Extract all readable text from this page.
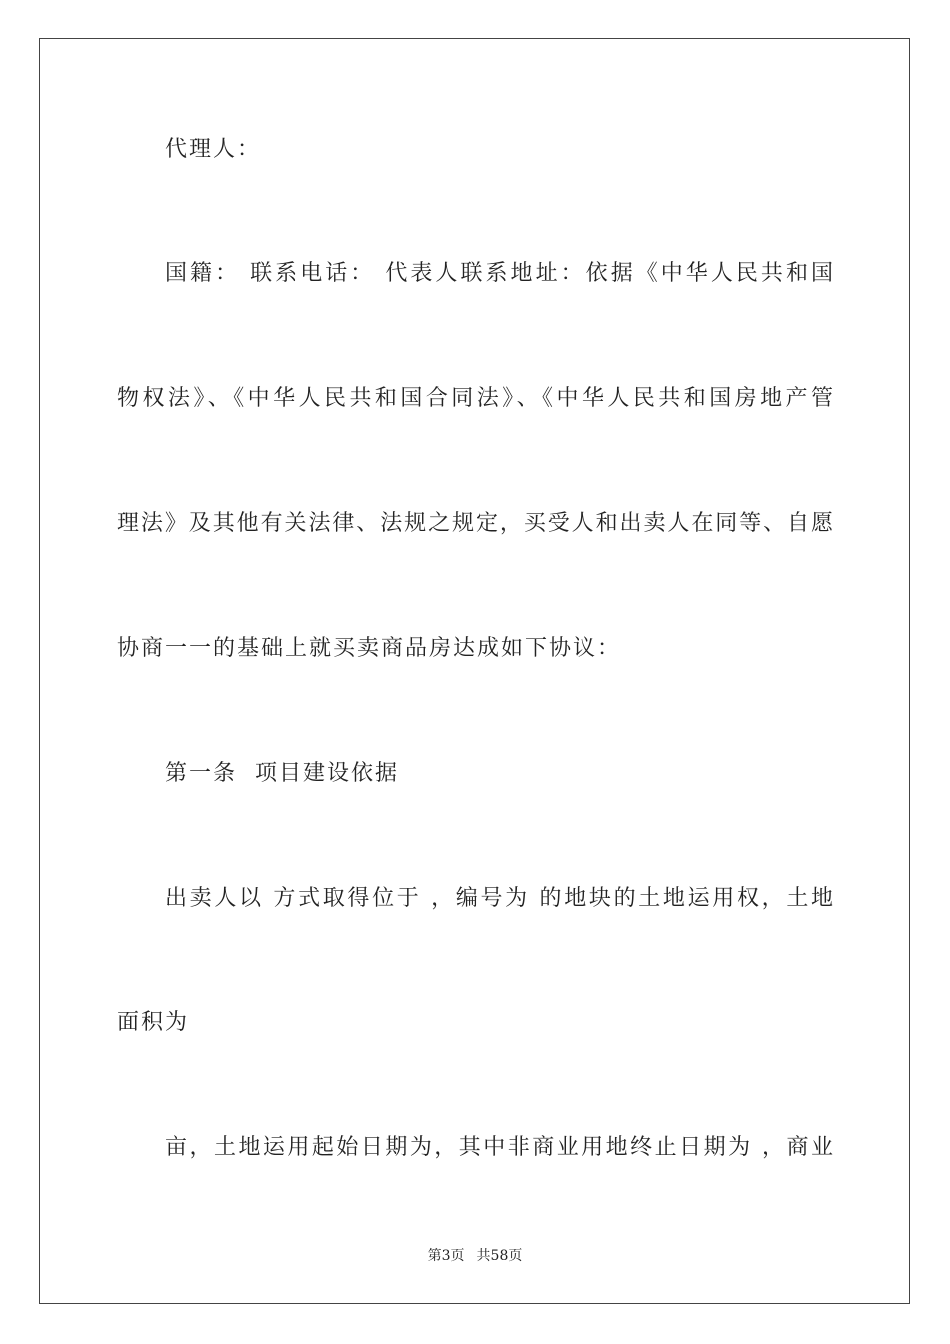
代理人：
国籍： 联系电话： 代表人联系地址：依据《中华人民共和国
物权法》、《中华人民共和国合同法》、《中华人民共和国房地产管
理法》及其他有关法律、法规之规定，买受人和出卖人在同等、自愿
协商一一的基础上就买卖商品房达成如下协议：
第一条  项目建设依据
出卖人以 方式取得位于 ，编号为 的地块的土地运用权，土地
面积为
亩，土地运用起始日期为，其中非商业用地终止日期为 ，商业
第3页 共58页
